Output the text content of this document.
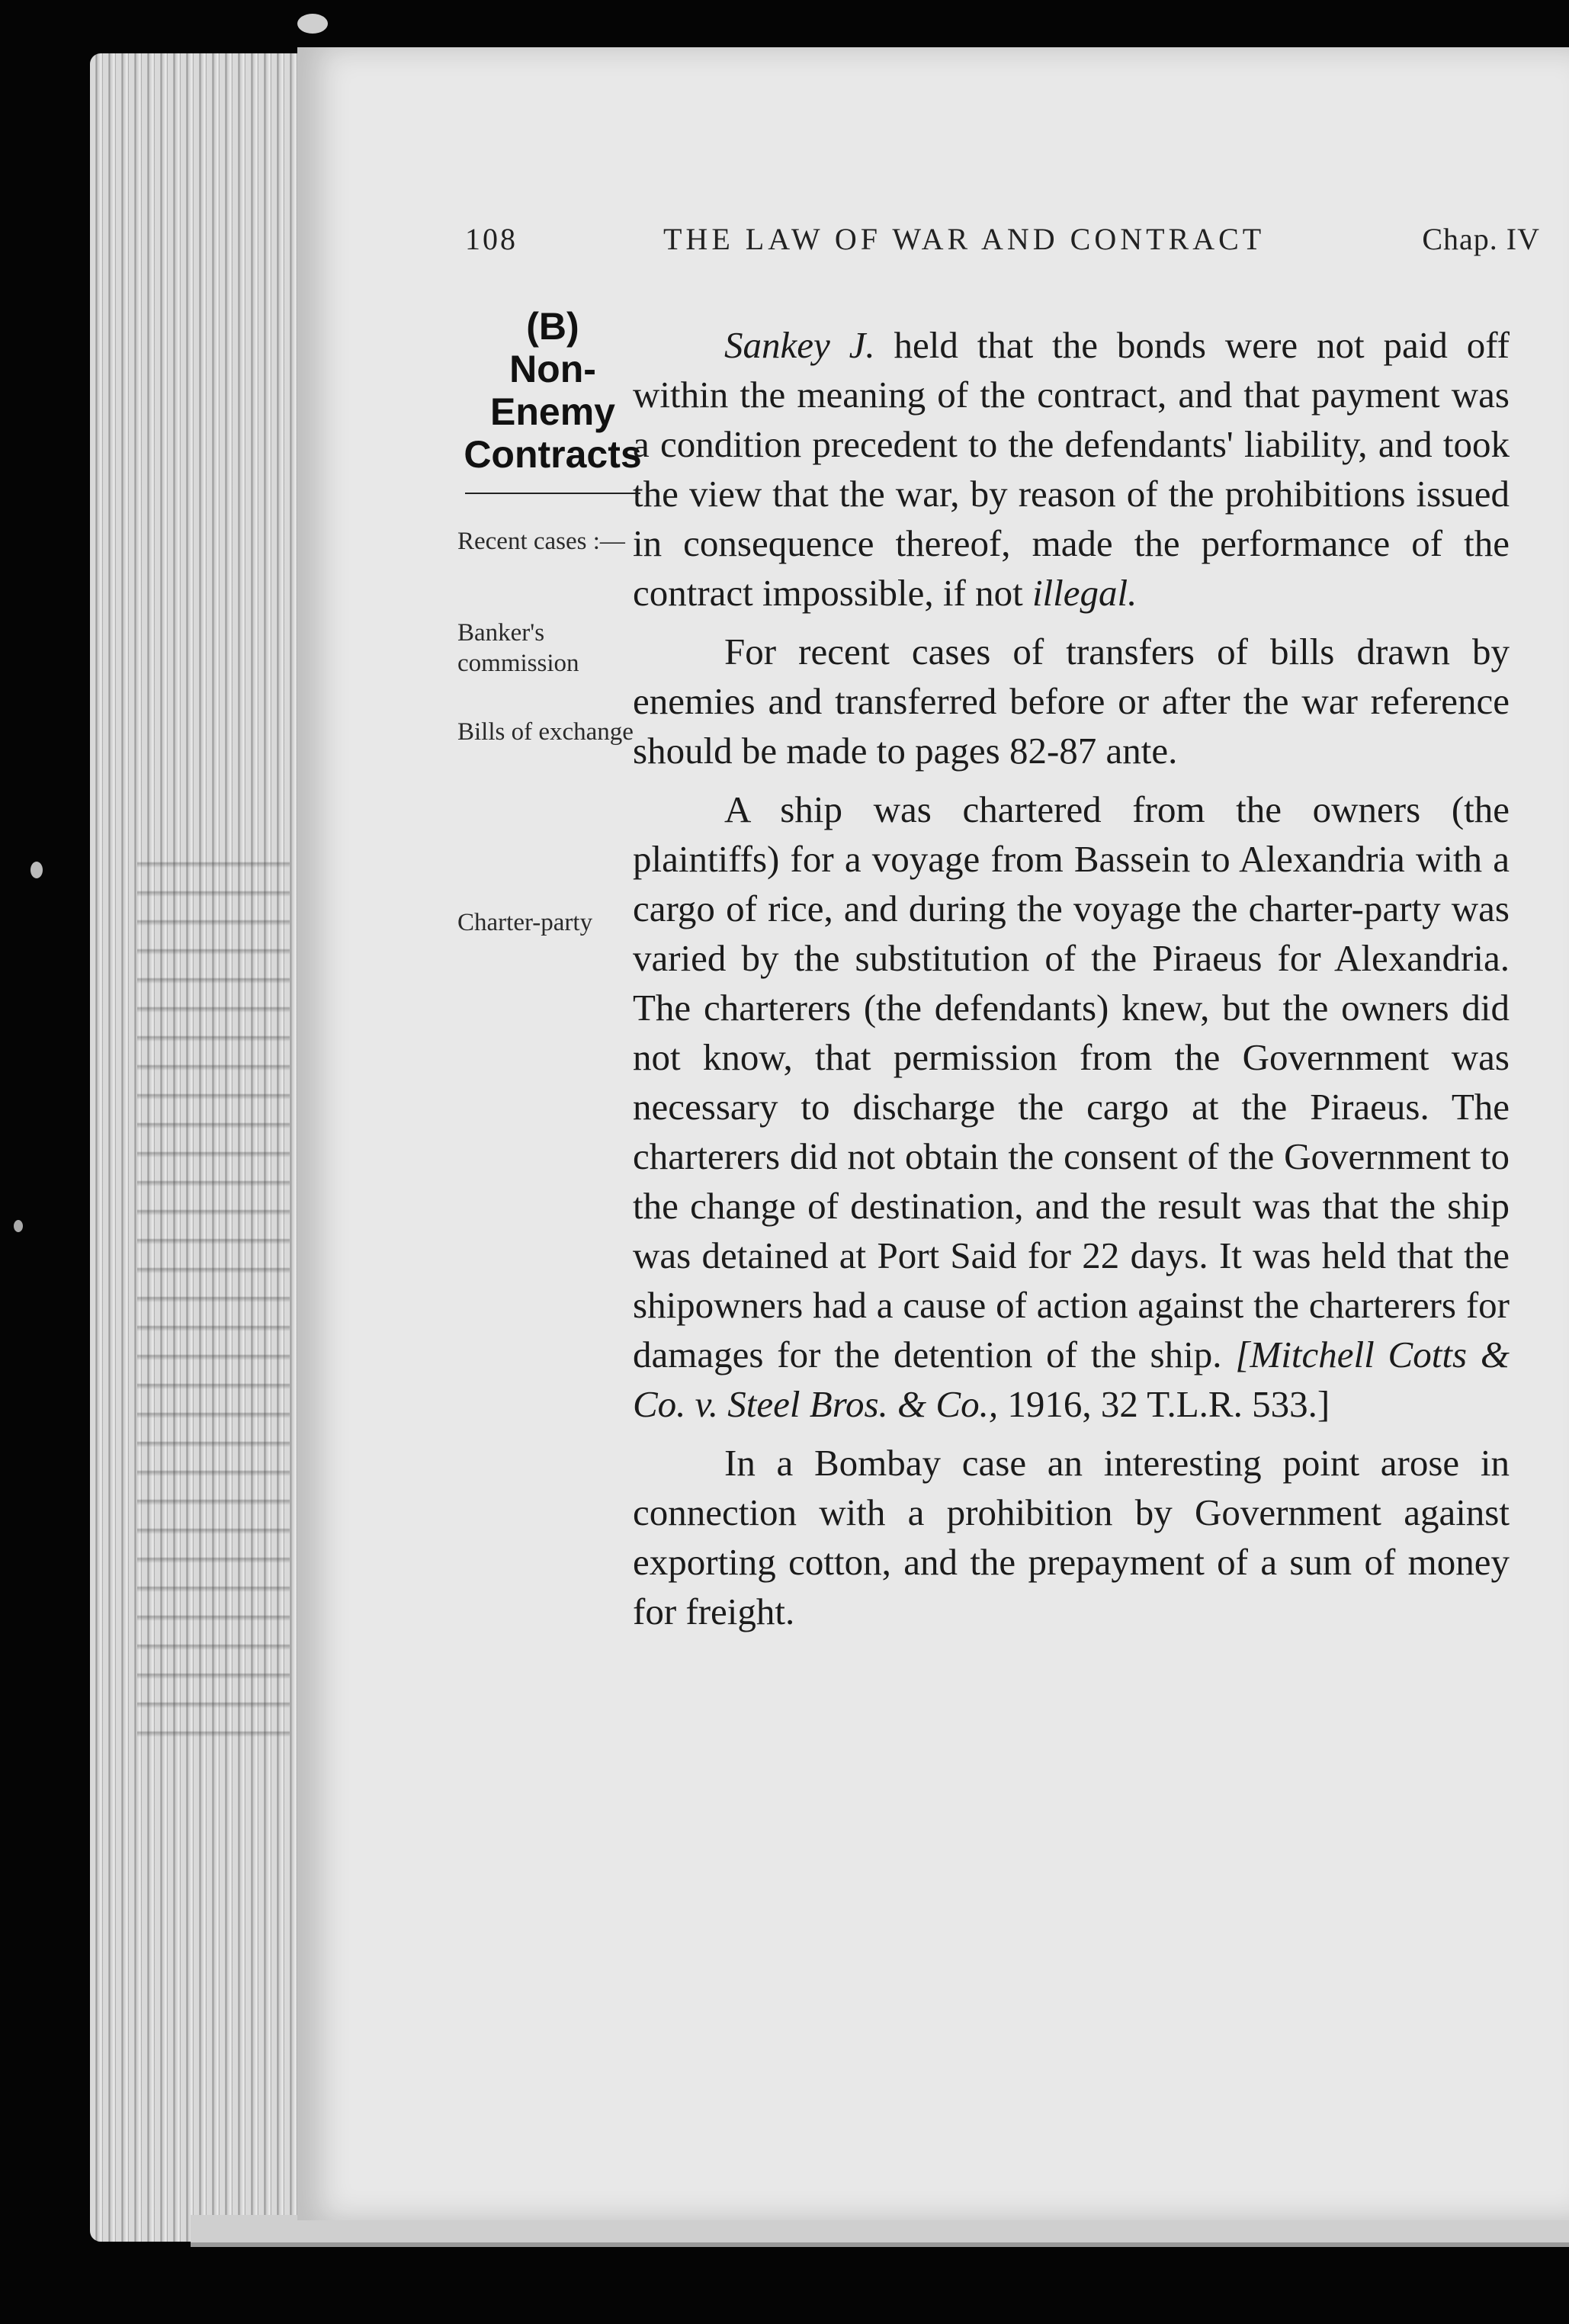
108	THE LAW OF WAR AND CONTRACT	Chap. IV
(B)
Non-
Enemy
Contracts
Recent cases :—
Banker's commission
Bills of exchange
Charter-party

Sankey J. held that the bonds were not paid off within the meaning of the contract, and that payment was a condition precedent to the defendants' liability, and took the view that the war, by reason of the prohibitions issued in consequence thereof, made the performance of the contract impossible, if not illegal.

For recent cases of transfers of bills drawn by enemies and transferred before or after the war reference should be made to pages 82-87 ante.

A ship was chartered from the owners (the plaintiffs) for a voyage from Bassein to Alexandria with a cargo of rice, and during the voyage the charter-party was varied by the substitution of the Piraeus for Alexandria. The charterers (the defendants) knew, but the owners did not know, that permission from the Government was necessary to discharge the cargo at the Piraeus. The charterers did not obtain the consent of the Government to the change of destination, and the result was that the ship was detained at Port Said for 22 days. It was held that the shipowners had a cause of action against the charterers for damages for the detention of the ship. [Mitchell Cotts & Co. v. Steel Bros. & Co., 1916, 32 T.L.R. 533.]

In a Bombay case an interesting point arose in connection with a prohibition by Government against exporting cotton, and the prepayment of a sum of money for freight.
